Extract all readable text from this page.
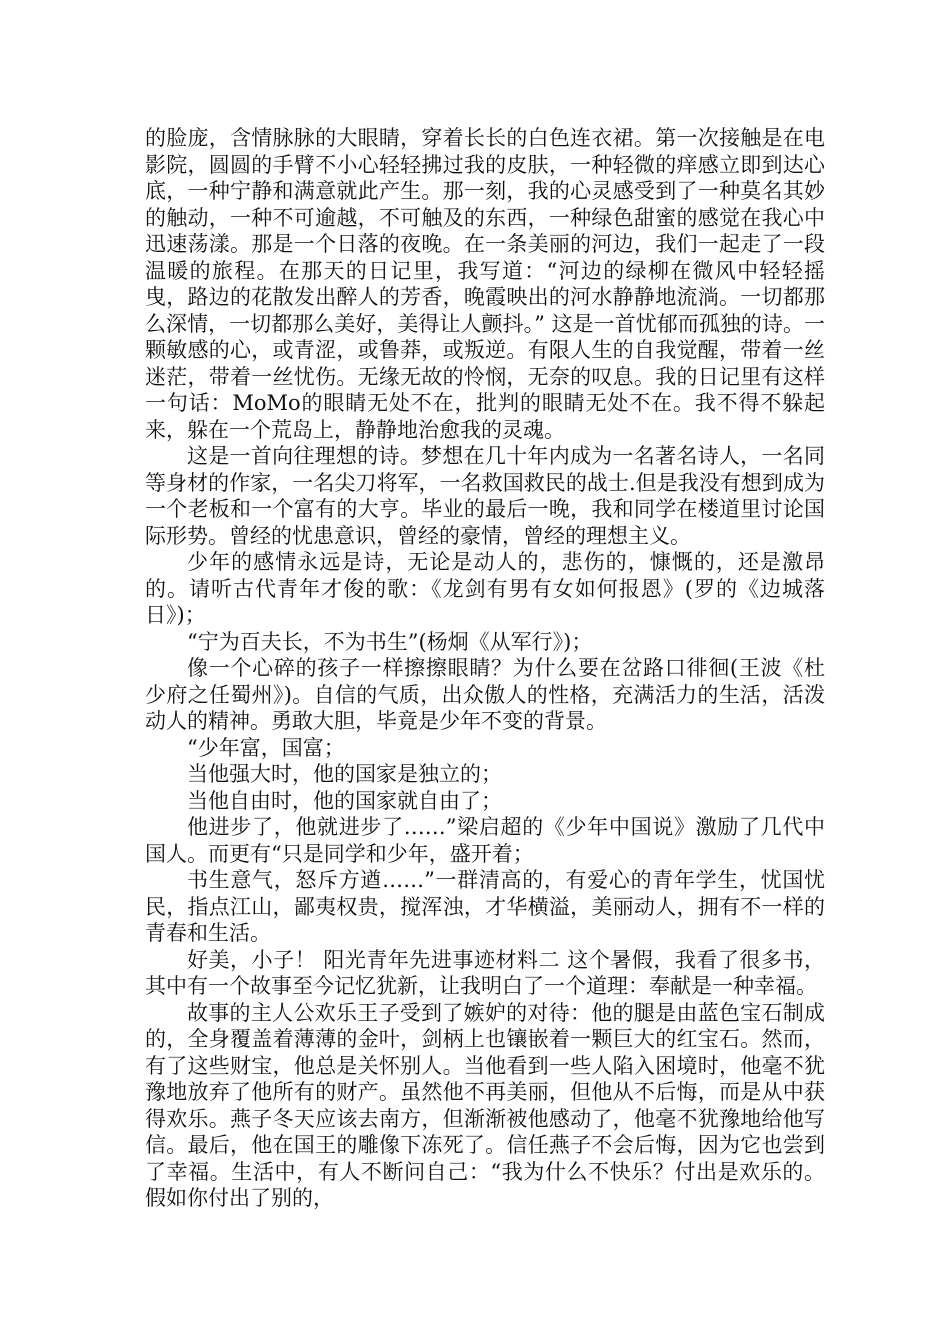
的脸庞，含情脉脉的大眼睛，穿着长长的白色连衣裙。第一次接触是在电影院，圆圆的手臂不小心轻轻拂过我的皮肤，一种轻微的痒感立即到达心底，一种宁静和满意就此产生。那一刻，我的心灵感受到了一种莫名其妙的触动，一种不可逾越，不可触及的东西，一种绿色甜蜜的感觉在我心中迅速荡漾。那是一个日落的夜晚。在一条美丽的河边，我们一起走了一段温暖的旅程。在那天的日记里，我写道：“河边的绿柳在微风中轻轻摇曳，路边的花散发出醉人的芳香，晚霞映出的河水静静地流淌。一切都那么深情，一切都那么美好，美得让人颤抖。” 这是一首忧郁而孤独的诗。一颗敏感的心，或青涩，或鲁莽，或叛逆。有限人生的自我觉醒，带着一丝迷茫，带着一丝忧伤。无缘无故的怜悯，无奈的叹息。我的日记里有这样一句话：MoMo的眼睛无处不在，批判的眼睛无处不在。我不得不躲起来，躲在一个荒岛上，静静地治愈我的灵魂。

这是一首向往理想的诗。梦想在几十年内成为一名著名诗人，一名同等身材的作家，一名尖刀将军，一名救国救民的战士.但是我没有想到成为一个老板和一个富有的大亨。毕业的最后一晚，我和同学在楼道里讨论国际形势。曾经的忧患意识，曾经的豪情，曾经的理想主义。

少年的感情永远是诗，无论是动人的，悲伤的，慷慨的，还是激昂的。请听古代青年才俊的歌：《龙剑有男有女如何报恩》(罗的《边城落日》)；

“宁为百夫长，不为书生”(杨炯《从军行》)；

像一个心碎的孩子一样擦擦眼睛？为什么要在岔路口徘徊(王波《杜少府之任蜀州》)。自信的气质，出众傲人的性格，充满活力的生活，活泼动人的精神。勇敢大胆，毕竟是少年不变的背景。

“少年富，国富；

当他强大时，他的国家是独立的；

当他自由时，他的国家就自由了；

他进步了，他就进步了……”梁启超的《少年中国说》激励了几代中国人。而更有“只是同学和少年，盛开着；

书生意气，怒斥方遒……”一群清高的，有爱心的青年学生，忧国忧民，指点江山，鄙夷权贵，搅浑浊，才华横溢，美丽动人，拥有不一样的青春和生活。

好美，小子！ 阳光青年先进事迹材料二 这个暑假，我看了很多书，其中有一个故事至今记忆犹新，让我明白了一个道理：奉献是一种幸福。

故事的主人公欢乐王子受到了嫉妒的对待：他的腿是由蓝色宝石制成的，全身覆盖着薄薄的金叶，剑柄上也镶嵌着一颗巨大的红宝石。然而，有了这些财宝，他总是关怀别人。当他看到一些人陷入困境时，他毫不犹豫地放弃了他所有的财产。虽然他不再美丽，但他从不后悔，而是从中获得欢乐。燕子冬天应该去南方，但渐渐被他感动了，他毫不犹豫地给他写信。最后，他在国王的雕像下冻死了。信任燕子不会后悔，因为它也尝到了幸福。生活中，有人不断问自己：“我为什么不快乐？付出是欢乐的。假如你付出了别的，
